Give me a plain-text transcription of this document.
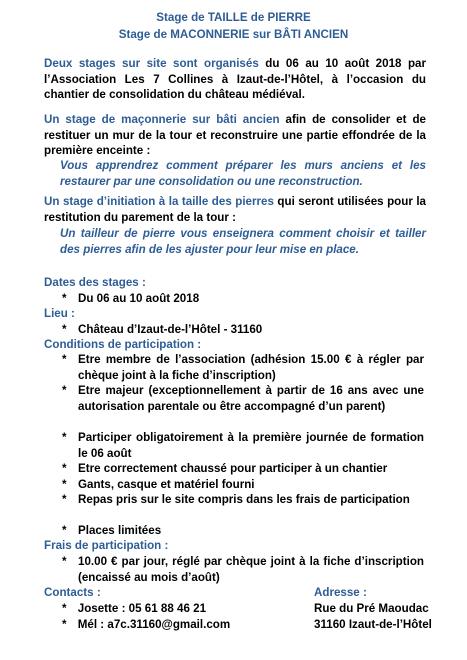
Stage de TAILLE de PIERRE
Stage de MACONNERIE sur BÂTI ANCIEN
Deux stages sur site sont organisés du 06 au 10 août 2018 par l’Association Les 7 Collines à Izaut-de-l’Hôtel, à l’occasion du chantier de consolidation du château médiéval.
Un stage de maçonnerie sur bâti ancien afin de consolider et de restituer un mur de la tour et reconstruire une partie effondrée de la première enceinte :
Vous apprendrez comment préparer les murs anciens et les restaurer par une consolidation ou une reconstruction.
Un stage d’initiation à la taille des pierres qui seront utilisées pour la restitution du parement de la tour :
Un tailleur de pierre vous enseignera comment choisir et tailler des pierres afin de les ajuster pour leur mise en place.
Dates des stages :
* Du 06 au 10 août 2018
Lieu :
* Château d’Izaut-de-l’Hôtel - 31160
Conditions de participation :
* Etre membre de l’association (adhésion 15.00 € à régler par chèque joint à la fiche d’inscription)
* Etre majeur (exceptionnellement à partir de 16 ans avec une autorisation parentale ou être accompagné d’un parent)
* Participer obligatoirement à la première journée de formation le 06 août
* Etre correctement chaussé pour participer à un chantier
* Gants, casque et matériel fourni
* Repas pris sur le site compris dans les frais de participation
* Places limitées
Frais de participation :
* 10.00 € par jour, réglé par chèque joint à la fiche d’inscription (encaissé au mois d’août)
Contacts :	Adresse :
* Josette : 05 61 88 46 21	Rue du Pré Maoudac
* Mél : a7c.31160@gmail.com	31160 Izaut-de-l’Hôtel
